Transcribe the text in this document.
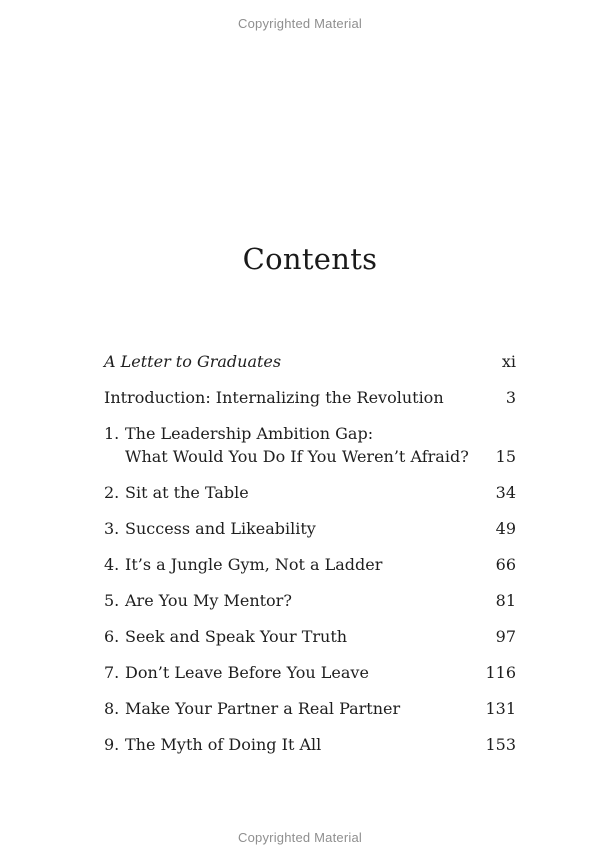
Copyrighted Material
Contents
A Letter to Graduates	xi
Introduction: Internalizing the Revolution	3
1. The Leadership Ambition Gap:
What Would You Do If You Weren’t Afraid?	15
2. Sit at the Table	34
3. Success and Likeability	49
4. It’s a Jungle Gym, Not a Ladder	66
5. Are You My Mentor?	81
6. Seek and Speak Your Truth	97
7. Don’t Leave Before You Leave	116
8. Make Your Partner a Real Partner	131
9. The Myth of Doing It All	153
Copyrighted Material
